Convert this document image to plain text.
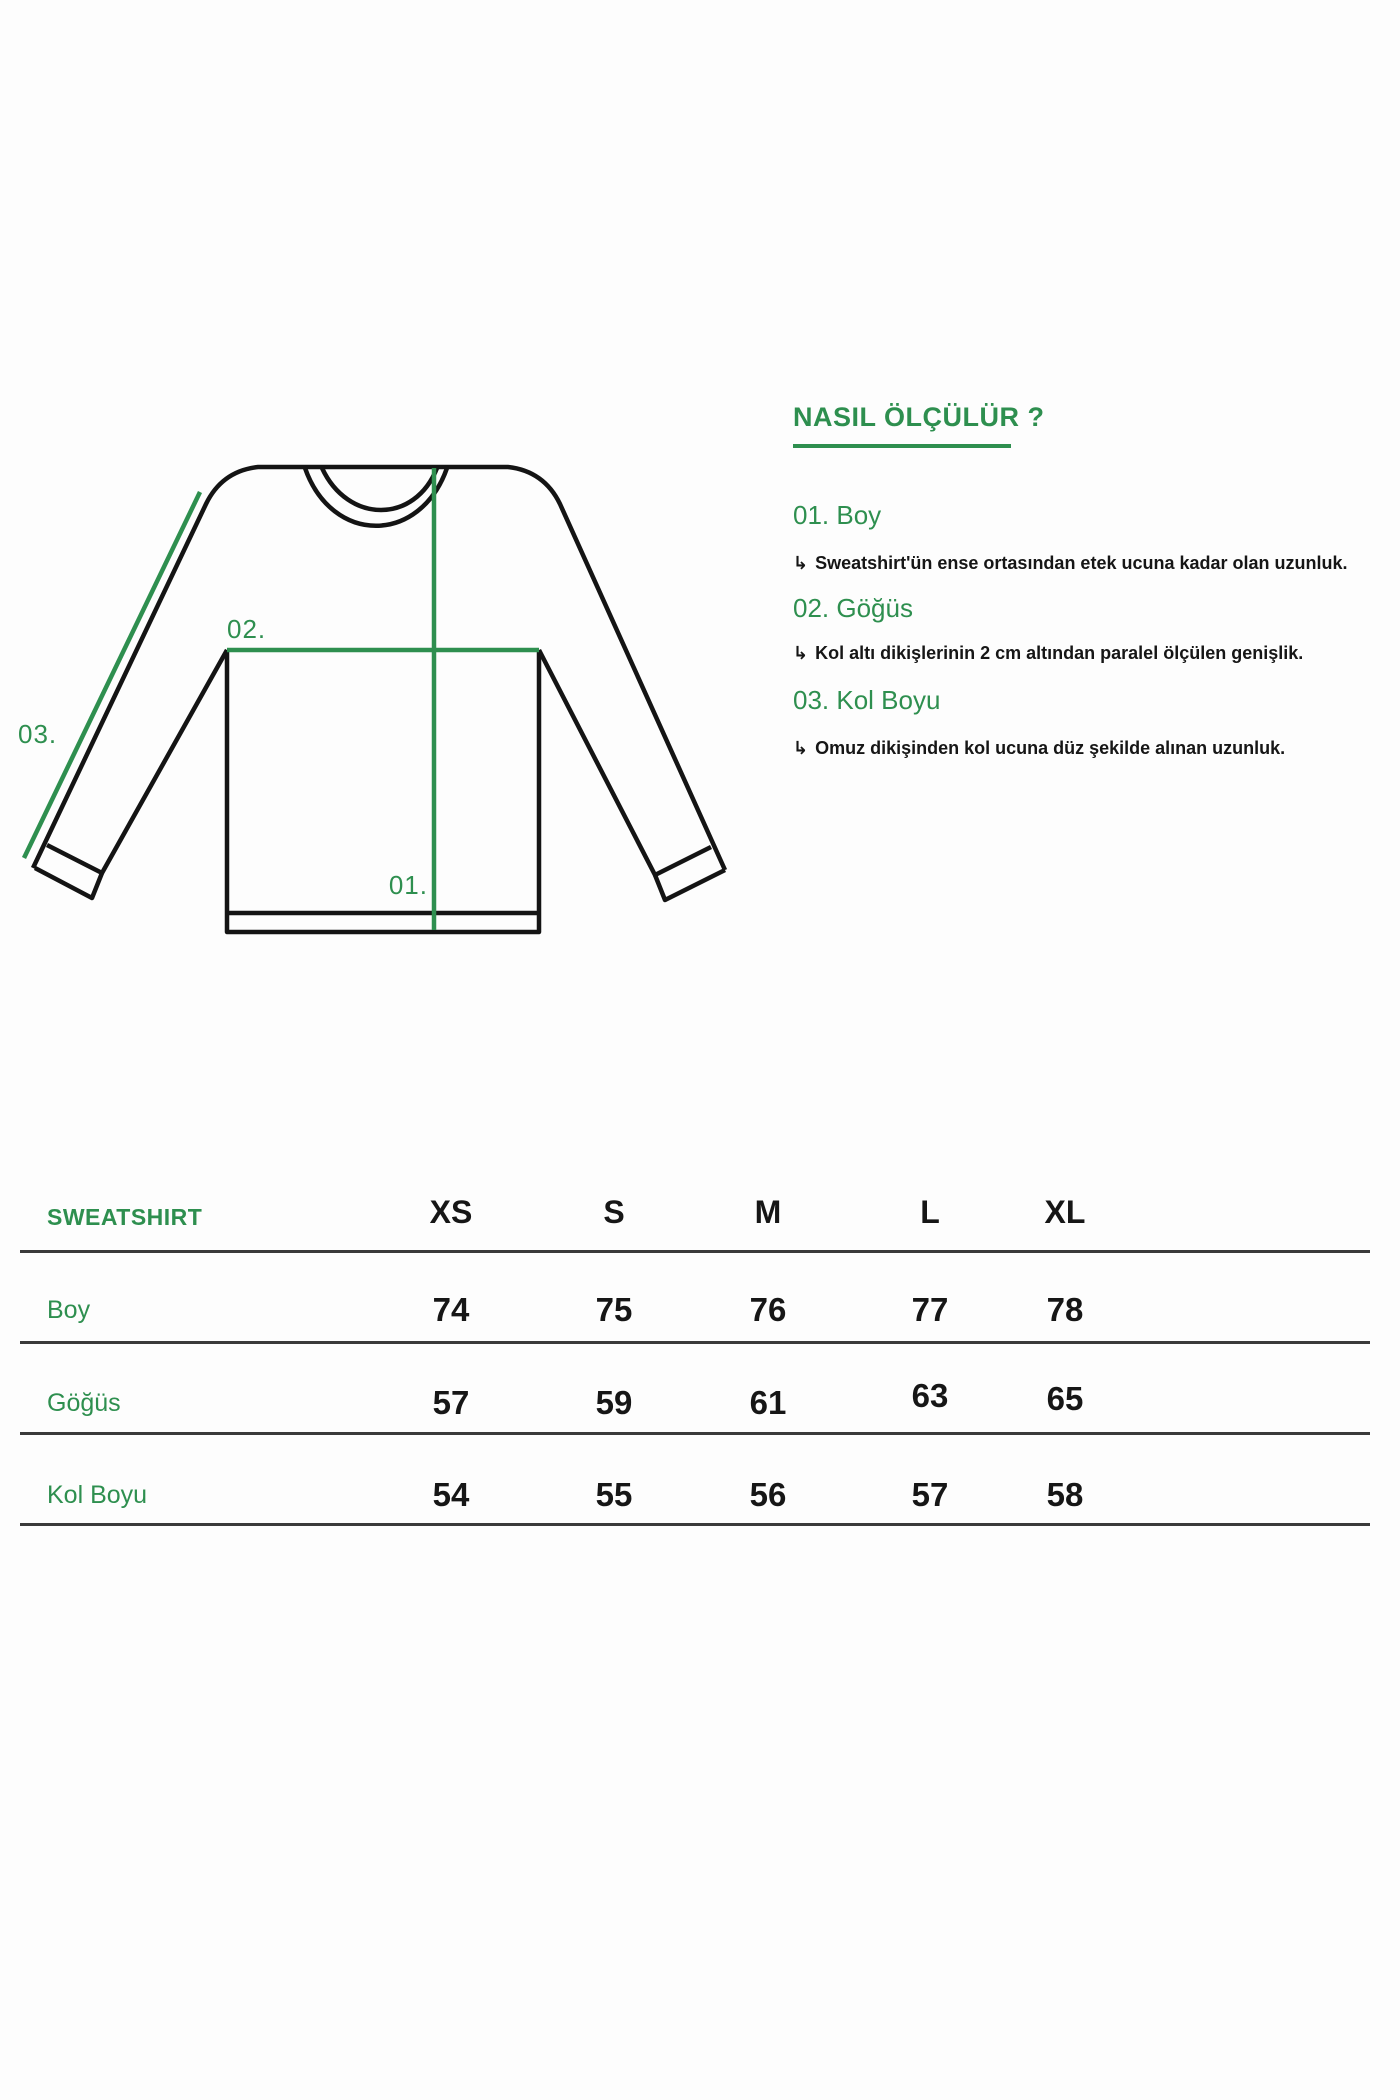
02.
03.
01.
NASIL ÖLÇÜLÜR ?
01. Boy
↳ Sweatshirt'ün ense ortasından etek ucuna kadar olan uzunluk.
02. Göğüs
↳ Kol altı dikişlerinin 2 cm altından paralel ölçülen genişlik.
03. Kol Boyu
↳ Omuz dikişinden kol ucuna düz şekilde alınan uzunluk.
SWEATSHIRT	XS	S	M	L	XL
Boy	74	75	76	77	78
Göğüs	57	59	61	63	65
Kol Boyu	54	55	56	57	58
